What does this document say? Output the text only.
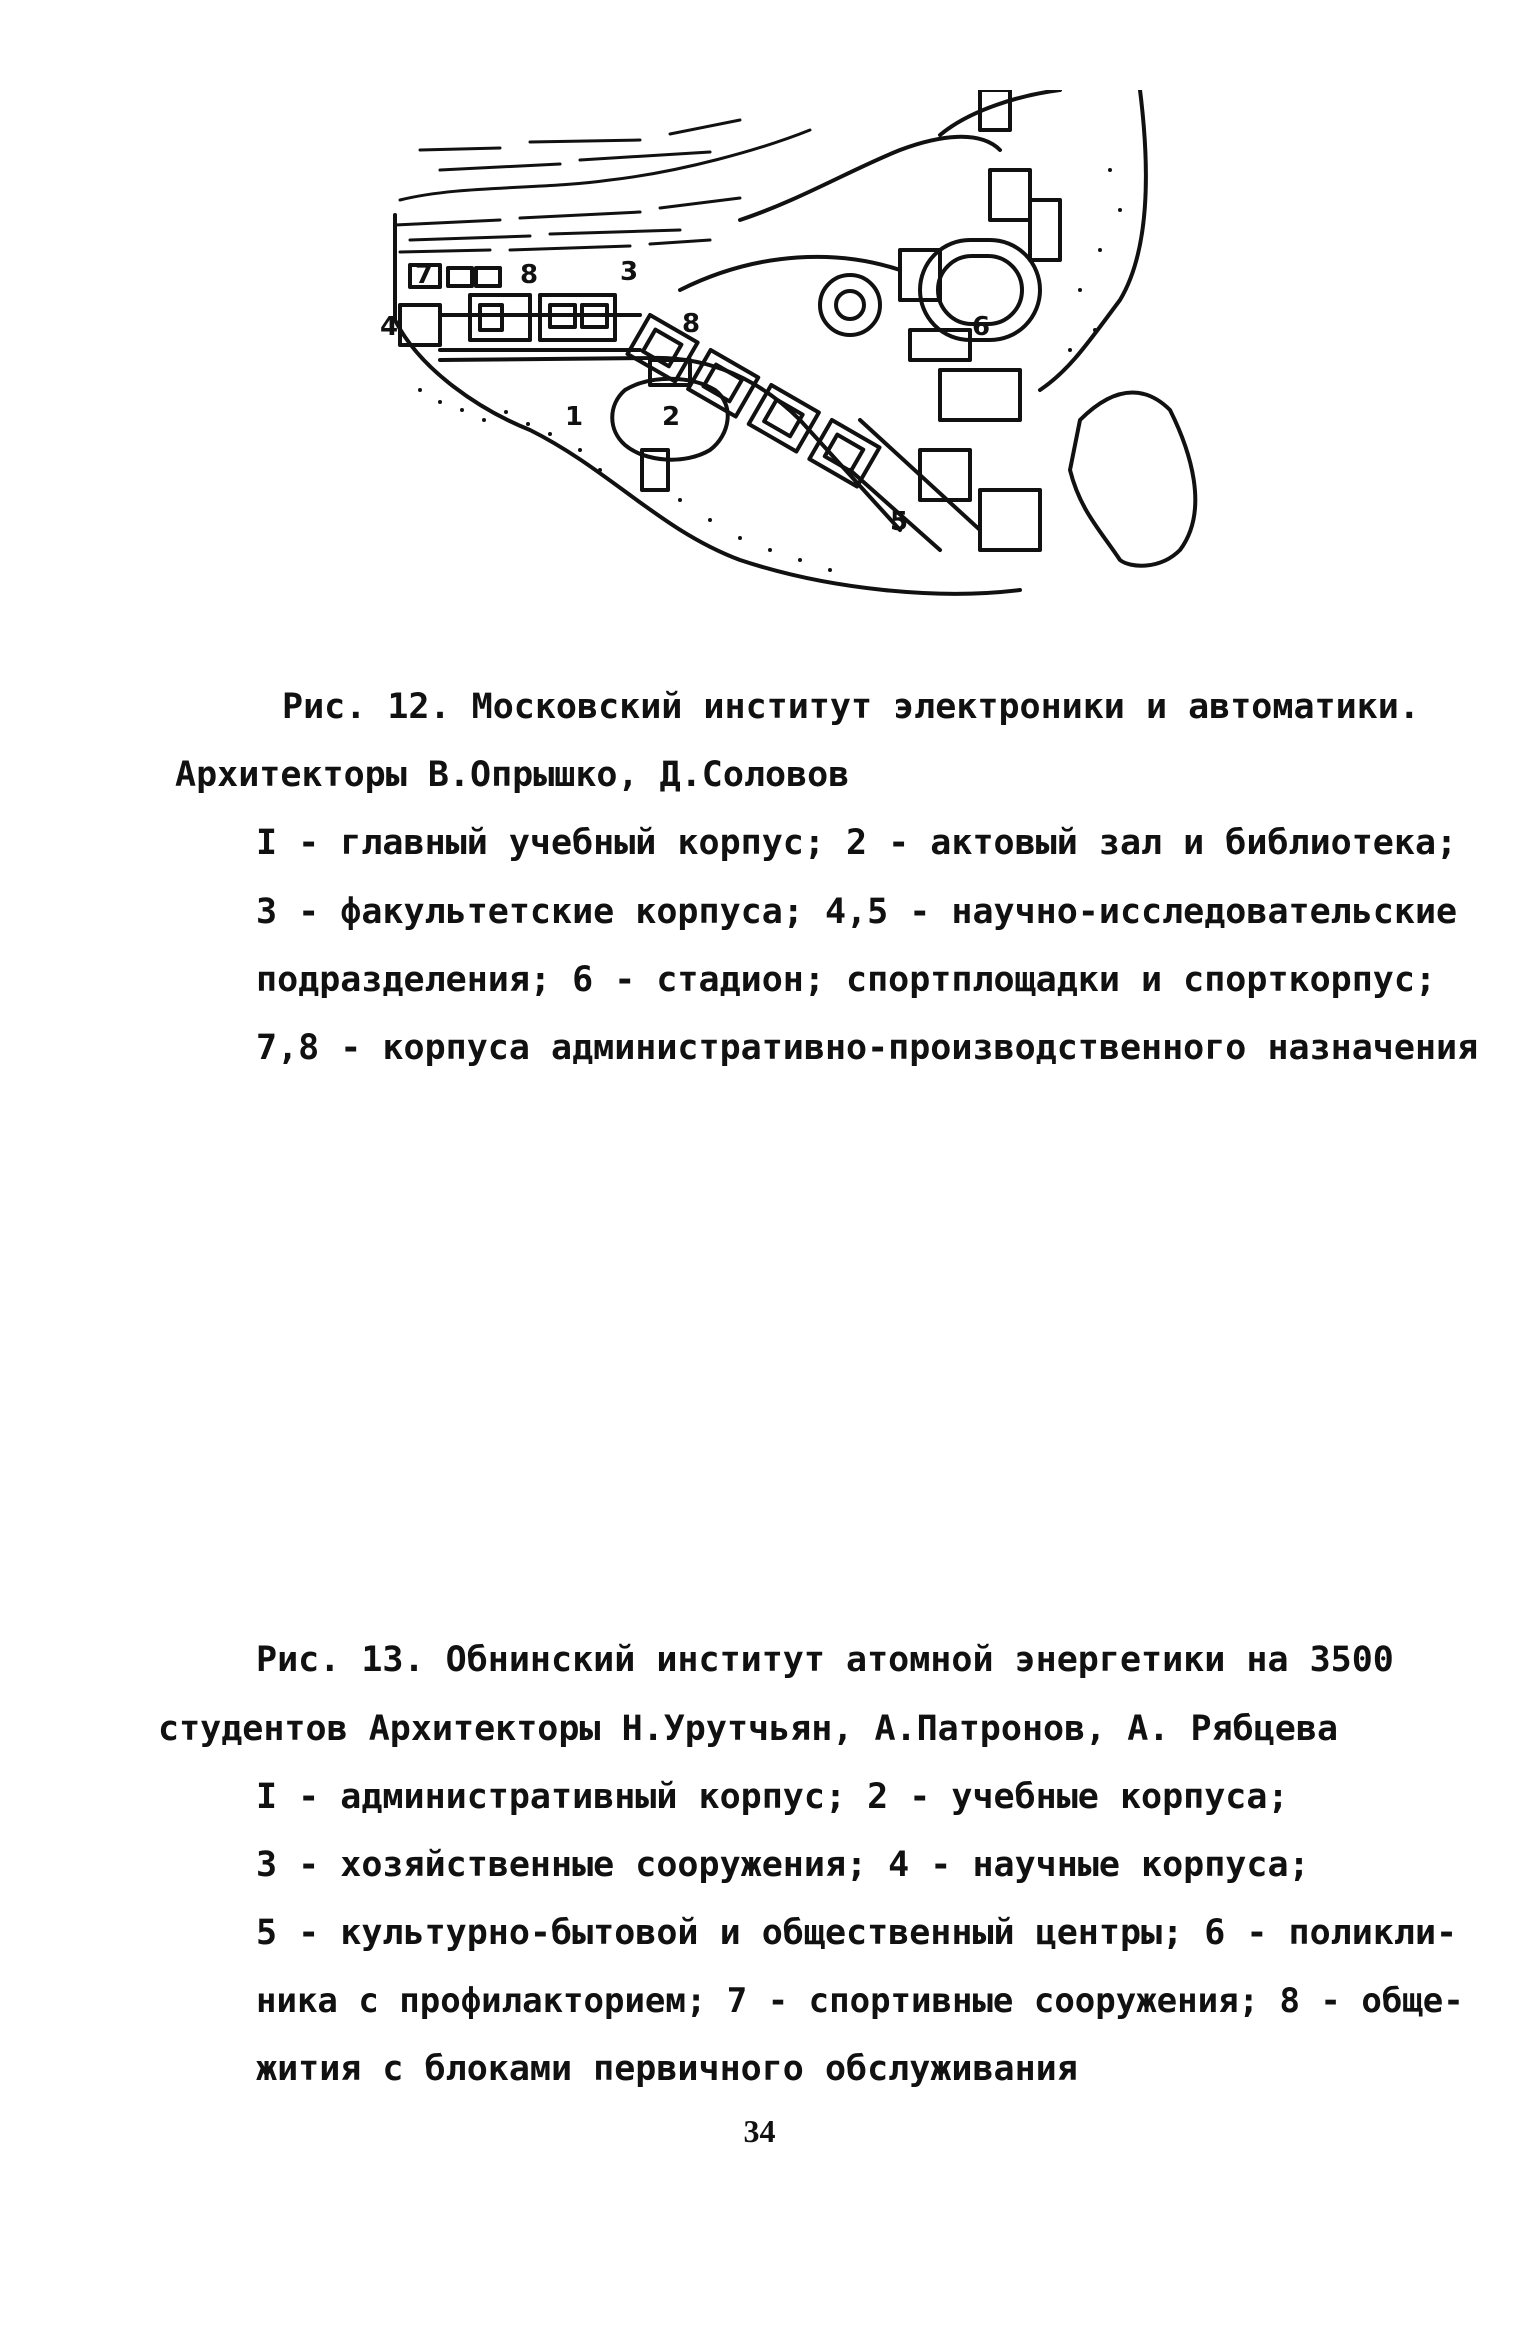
7	8	3
4	8	6
1	2
5
Рис. 12. Московский институт электроники и автоматики.
Архитекторы В.Опрышко, Д.Соловов
I - главный учебный корпус; 2 - актовый зал и библиотека;
3 - факультетские корпуса; 4,5 - научно-исследовательские
подразделения; 6 - стадион; спортплощадки и спорткорпус;
7,8 - корпуса административно-производственного назначения
Рис. 13. Обнинский институт атомной энергетики на 3500
студентов Архитекторы Н.Урутчьян, А.Патронов, А. Рябцева
I - административный корпус; 2 - учебные корпуса;
3 - хозяйственные сооружения; 4 - научные корпуса;
5 - культурно-бытовой и общественный центры; 6 - поликли-
ника с профилакторием; 7 - спортивные сооружения; 8 - обще-
жития с блоками первичного обслуживания
34
